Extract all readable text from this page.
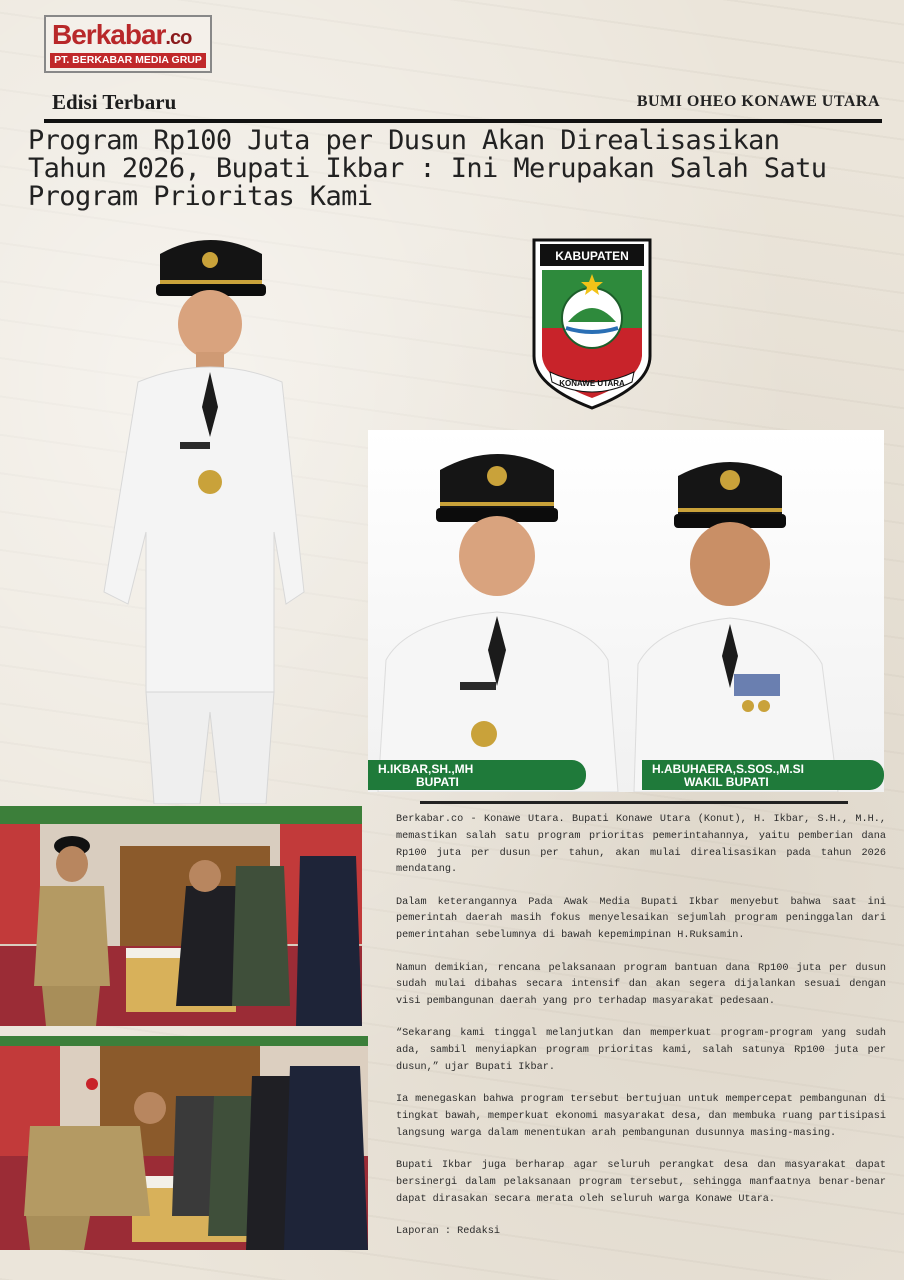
Berkabar.co
PT. BERKABAR MEDIA GRUP
Edisi Terbaru	BUMI OHEO KONAWE UTARA
Program Rp100 Juta per Dusun Akan Direalisasikan Tahun 2026, Bupati Ikbar : Ini Merupakan Salah Satu Program Prioritas Kami
KABUPATEN
KONAWE UTARA
H.IKBAR,SH.,MH
BUPATI
H.ABUHAERA,S.SOS.,M.SI
WAKIL BUPATI

Berkabar.co - Konawe Utara. Bupati Konawe Utara (Konut), H. Ikbar, S.H., M.H., memastikan salah satu program prioritas pemerintahannya, yaitu pemberian dana Rp100 juta per dusun per tahun, akan mulai direalisasikan pada tahun 2026 mendatang.

Dalam keterangannya Pada Awak Media Bupati Ikbar menyebut bahwa saat ini pemerintah daerah masih fokus menyelesaikan sejumlah program peninggalan dari pemerintahan sebelumnya di bawah kepemimpinan H.Ruksamin.

Namun demikian, rencana pelaksanaan program bantuan dana Rp100 juta per dusun sudah mulai dibahas secara intensif dan akan segera dijalankan sesuai dengan visi pembangunan daerah yang pro terhadap masyarakat pedesaan.

“Sekarang kami tinggal melanjutkan dan memperkuat program-program yang sudah ada, sambil menyiapkan program prioritas kami, salah satunya Rp100 juta per dusun,” ujar Bupati Ikbar.

Ia menegaskan bahwa program tersebut bertujuan untuk mempercepat pembangunan di tingkat bawah, memperkuat ekonomi masyarakat desa, dan membuka ruang partisipasi langsung warga dalam menentukan arah pembangunan dusunnya masing-masing.

Bupati Ikbar juga berharap agar seluruh perangkat desa dan masyarakat dapat bersinergi dalam pelaksanaan program tersebut, sehingga manfaatnya benar-benar dapat dirasakan secara merata oleh seluruh warga Konawe Utara.

Laporan : Redaksi
